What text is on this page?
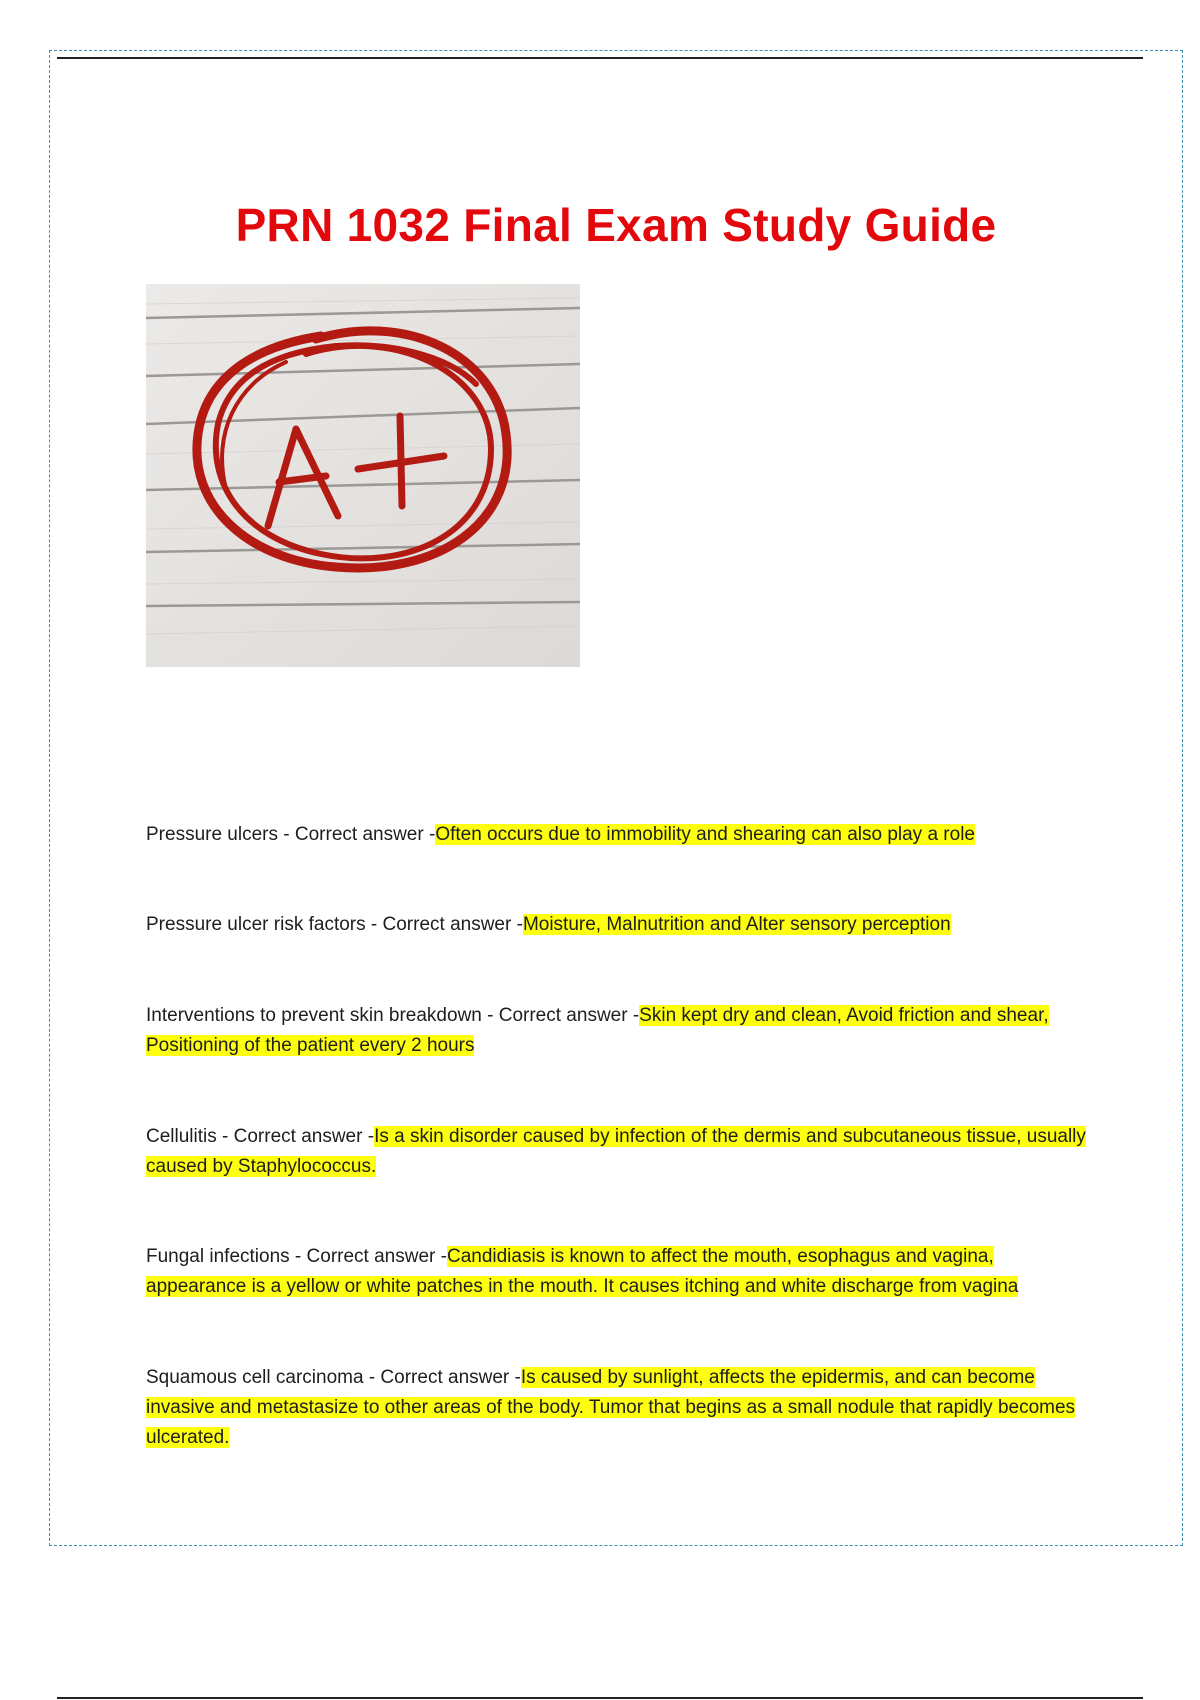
PRN 1032 Final Exam Study Guide
Pressure ulcers - Correct answer -Often occurs due to immobility and shearing can also play a role
Pressure ulcer risk factors - Correct answer -Moisture, Malnutrition and Alter sensory perception
Interventions to prevent skin breakdown - Correct answer -Skin kept dry and clean, Avoid friction and shear, Positioning of the patient every 2 hours
Cellulitis - Correct answer -Is a skin disorder caused by infection of the dermis and subcutaneous tissue, usually caused by Staphylococcus.
Fungal infections - Correct answer -Candidiasis is known to affect the mouth, esophagus and vagina, appearance is a yellow or white patches in the mouth. It causes itching and white discharge from vagina
Squamous cell carcinoma - Correct answer -Is caused by sunlight, affects the epidermis, and can become invasive and metastasize to other areas of the body. Tumor that begins as a small nodule that rapidly becomes ulcerated.
